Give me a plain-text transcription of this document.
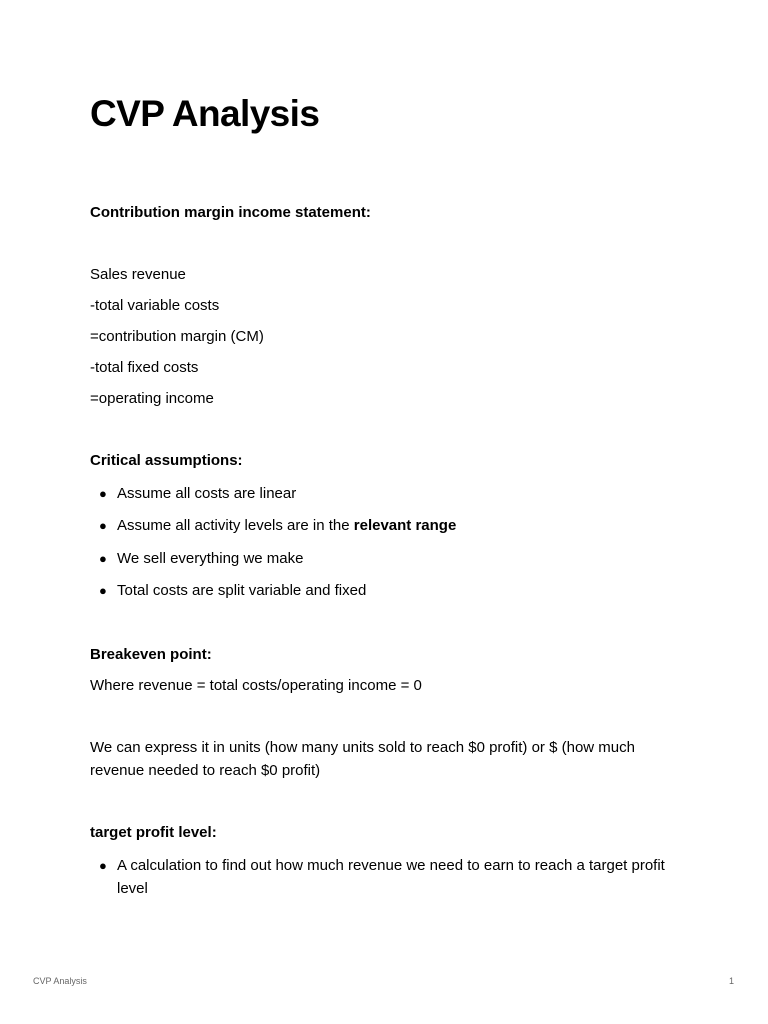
CVP Analysis

Contribution margin income statement:

Sales revenue

-total variable costs

=contribution margin (CM)

-total fixed costs

=operating income

Critical assumptions:

● Assume all costs are linear
● Assume all activity levels are in the relevant range
● We sell everything we make
● Total costs are split variable and fixed

Breakeven point:

Where revenue = total costs/operating income = 0

We can express it in units (how many units sold to reach $0 profit) or $ (how much revenue needed to reach $0 profit)

target profit level:

● A calculation to find out how much revenue we need to earn to reach a target profit level
CVP Analysis	1
